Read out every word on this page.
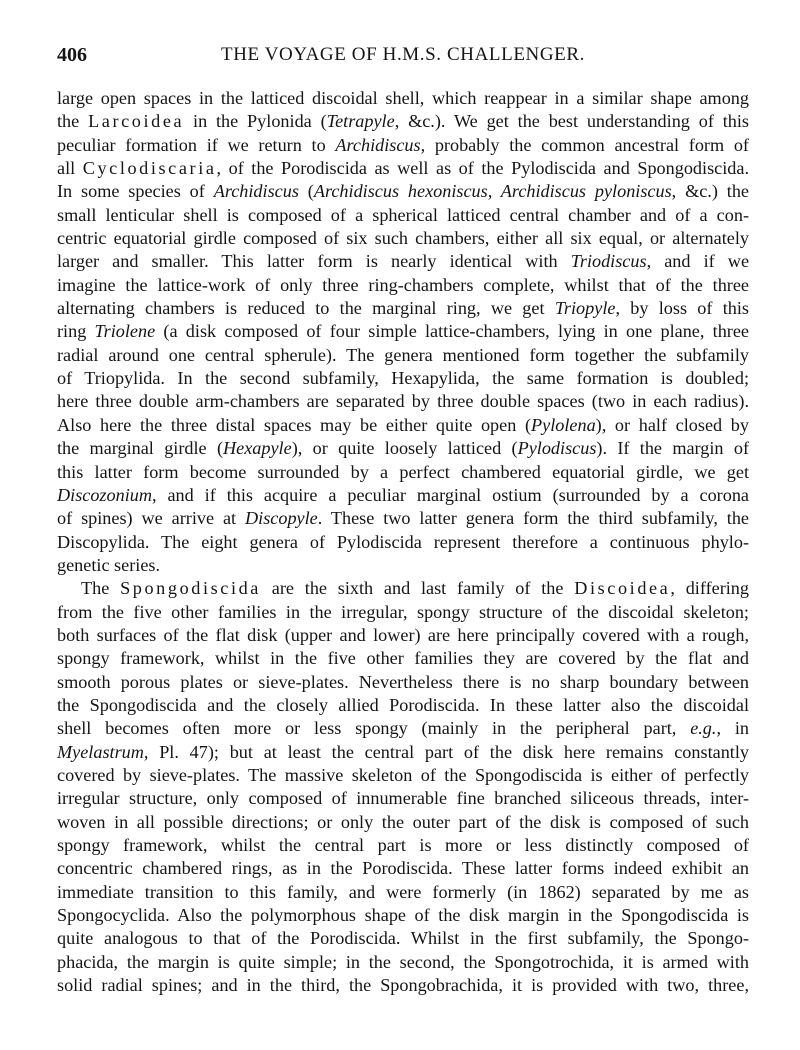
406	THE VOYAGE OF H.M.S. CHALLENGER.
large open spaces in the latticed discoidal shell, which reappear in a similar shape among
the Larcoidea in the Pylonida (Tetrapyle, &c.). We get the best understanding of this
peculiar formation if we return to Archidiscus, probably the common ancestral form of
all Cyclodiscaria, of the Porodiscida as well as of the Pylodiscida and Spongodiscida.
In some species of Archidiscus (Archidiscus hexoniscus, Archidiscus pyloniscus, &c.) the
small lenticular shell is composed of a spherical latticed central chamber and of a con-
centric equatorial girdle composed of six such chambers, either all six equal, or alternately
larger and smaller. This latter form is nearly identical with Triodiscus, and if we
imagine the lattice-work of only three ring-chambers complete, whilst that of the three
alternating chambers is reduced to the marginal ring, we get Triopyle, by loss of this
ring Triolene (a disk composed of four simple lattice-chambers, lying in one plane, three
radial around one central spherule). The genera mentioned form together the subfamily
of Triopylida. In the second subfamily, Hexapylida, the same formation is doubled;
here three double arm-chambers are separated by three double spaces (two in each radius).
Also here the three distal spaces may be either quite open (Pylolena), or half closed by
the marginal girdle (Hexapyle), or quite loosely latticed (Pylodiscus). If the margin of
this latter form become surrounded by a perfect chambered equatorial girdle, we get
Discozonium, and if this acquire a peculiar marginal ostium (surrounded by a corona
of spines) we arrive at Discopyle. These two latter genera form the third subfamily, the
Discopylida. The eight genera of Pylodiscida represent therefore a continuous phylo-
genetic series.
The Spongodiscida are the sixth and last family of the Discoidea, differing
from the five other families in the irregular, spongy structure of the discoidal skeleton;
both surfaces of the flat disk (upper and lower) are here principally covered with a rough,
spongy framework, whilst in the five other families they are covered by the flat and
smooth porous plates or sieve-plates. Nevertheless there is no sharp boundary between
the Spongodiscida and the closely allied Porodiscida. In these latter also the discoidal
shell becomes often more or less spongy (mainly in the peripheral part, e.g., in
Myelastrum, Pl. 47); but at least the central part of the disk here remains constantly
covered by sieve-plates. The massive skeleton of the Spongodiscida is either of perfectly
irregular structure, only composed of innumerable fine branched siliceous threads, inter-
woven in all possible directions; or only the outer part of the disk is composed of such
spongy framework, whilst the central part is more or less distinctly composed of
concentric chambered rings, as in the Porodiscida. These latter forms indeed exhibit an
immediate transition to this family, and were formerly (in 1862) separated by me as
Spongocyclida. Also the polymorphous shape of the disk margin in the Spongodiscida is
quite analogous to that of the Porodiscida. Whilst in the first subfamily, the Spongo-
phacida, the margin is quite simple; in the second, the Spongotrochida, it is armed with
solid radial spines; and in the third, the Spongobrachida, it is provided with two, three,
